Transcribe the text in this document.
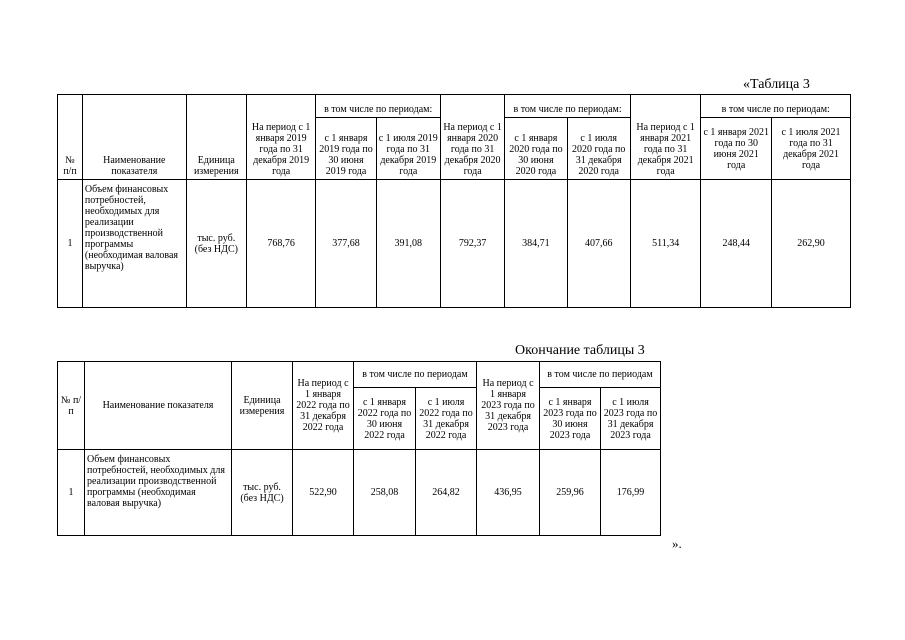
«Таблица 3
№ п/п	Наименование показателя	Единица измерения	На период с 1 января 2019 года по 31 декабря 2019 года	в том числе по периодам:		На период с 1 января 2020 года по 31 декабря 2020 года	в том числе по периодам:		На период с 1 января 2021 года по 31 декабря 2021 года	в том числе по периодам:	
				с 1 января 2019 года по 30 июня 2019 года	с 1 июля 2019 года по 31 декабря 2019 года		с 1 января 2020 года по 30 июня 2020 года	с 1 июля 2020 года по 31 декабря 2020 года		с 1 января 2021 года по 30 июня 2021 года	с 1 июля 2021 года по 31 декабря 2021 года
1	Объем финансовых потребностей, необходимых для реализации производственной программы (необходимая валовая выручка)	тыс. руб. (без НДС)	768,76	377,68	391,08	792,37	384,71	407,66	511,34	248,44	262,90
Окончание таблицы 3
№ п/п	Наименование показателя	Единица измерения	На период с 1 января 2022 года по 31 декабря 2022 года	в том числе по периодам		На период с 1 января 2023 года по 31 декабря 2023 года	в том числе по периодам	
				с 1 января 2022 года по 30 июня 2022 года	с 1 июля 2022 года по 31 декабря 2022 года		с 1 января 2023 года по 30 июня 2023 года	с 1 июля 2023 года по 31 декабря 2023 года
1	Объем финансовых потребностей, необходимых для реализации производственной программы (необходимая валовая выручка)	тыс. руб. (без НДС)	522,90	258,08	264,82	436,95	259,96	176,99
».
